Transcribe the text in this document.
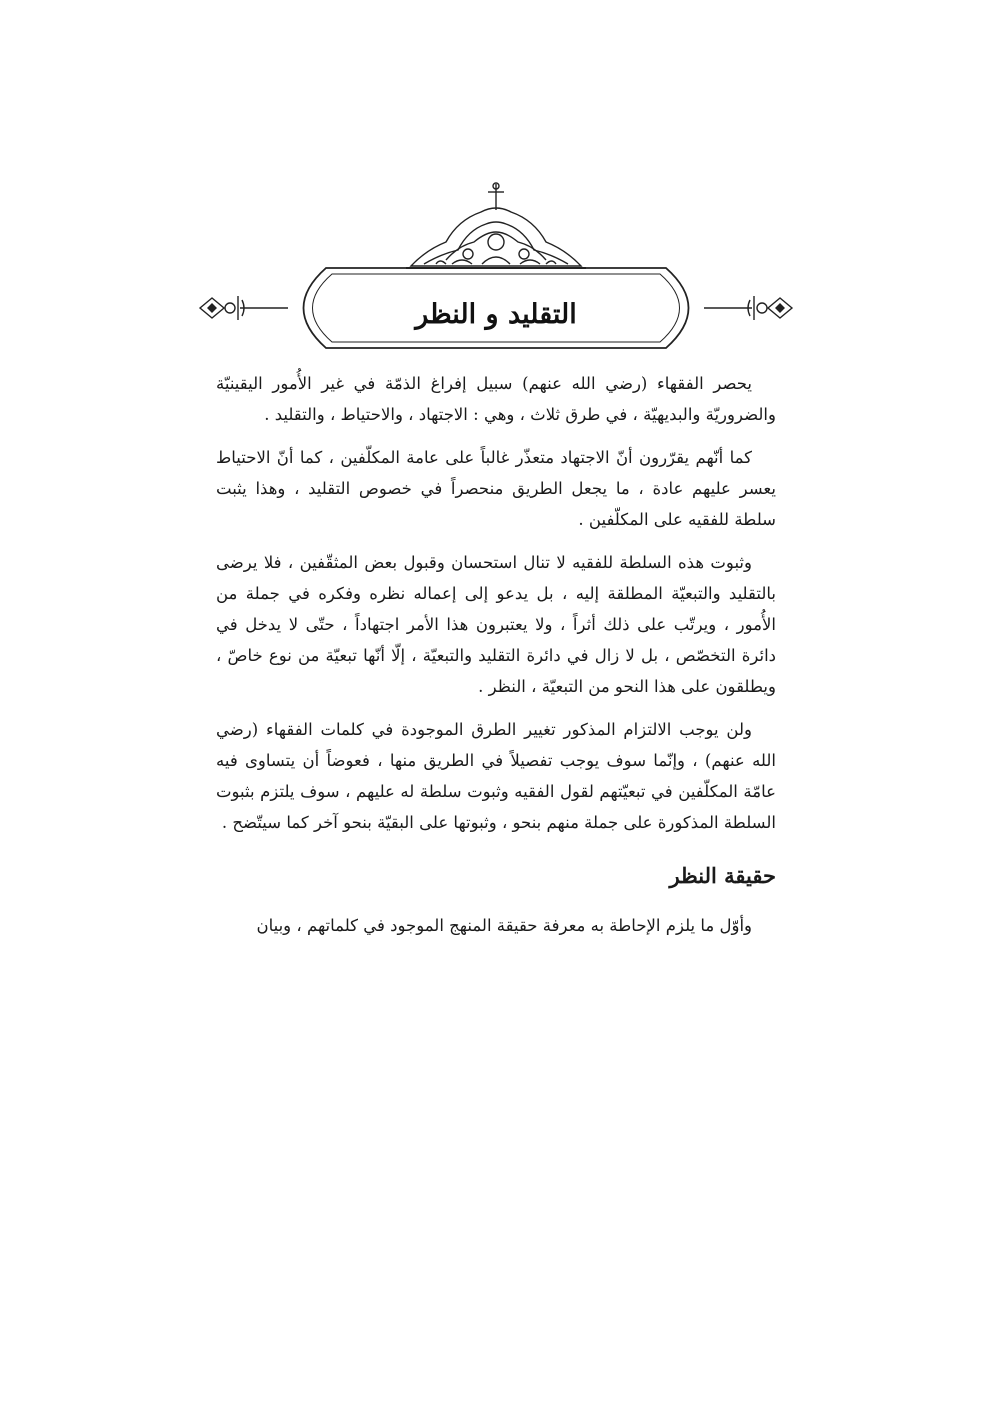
التقليد و النظر

يحصر الفقهاء (رضي الله عنهم) سبيل إفراغ الذمّة في غير الأُمور اليقينيّة والضروريّة والبديهيّة ، في طرق ثلاث ، وهي : الاجتهاد ، والاحتياط ، والتقليد .

كما أنّهم يقرّرون أنّ الاجتهاد متعذّر غالباً على عامة المكلّفين ، كما أنّ الاحتياط يعسر عليهم عادة ، ما يجعل الطريق منحصراً في خصوص التقليد ، وهذا يثبت سلطة للفقيه على المكلّفين .

وثبوت هذه السلطة للفقيه لا تنال استحسان وقبول بعض المثقّفين ، فلا يرضى بالتقليد والتبعيّة المطلقة إليه ، بل يدعو إلى إعماله نظره وفكره في جملة من الأُمور ، ويرتّب على ذلك أثراً ، ولا يعتبرون هذا الأمر اجتهاداً ، حتّى لا يدخل في دائرة التخصّص ، بل لا زال في دائرة التقليد والتبعيّة ، إلّا أنّها تبعيّة من نوع خاصّ ، ويطلقون على هذا النحو من التبعيّة ، النظر .

ولن يوجب الالتزام المذكور تغيير الطرق الموجودة في كلمات الفقهاء (رضي الله عنهم) ، وإنّما سوف يوجب تفصيلاً في الطريق منها ، فعوضاً أن يتساوى فيه عامّة المكلّفين في تبعيّتهم لقول الفقيه وثبوت سلطة له عليهم ، سوف يلتزم بثبوت السلطة المذكورة على جملة منهم بنحو ، وثبوتها على البقيّة بنحو آخر كما سيتّضح .

حقيقة النظر

وأوّل ما يلزم الإحاطة به معرفة حقيقة المنهج الموجود في كلماتهم ، وبيان
